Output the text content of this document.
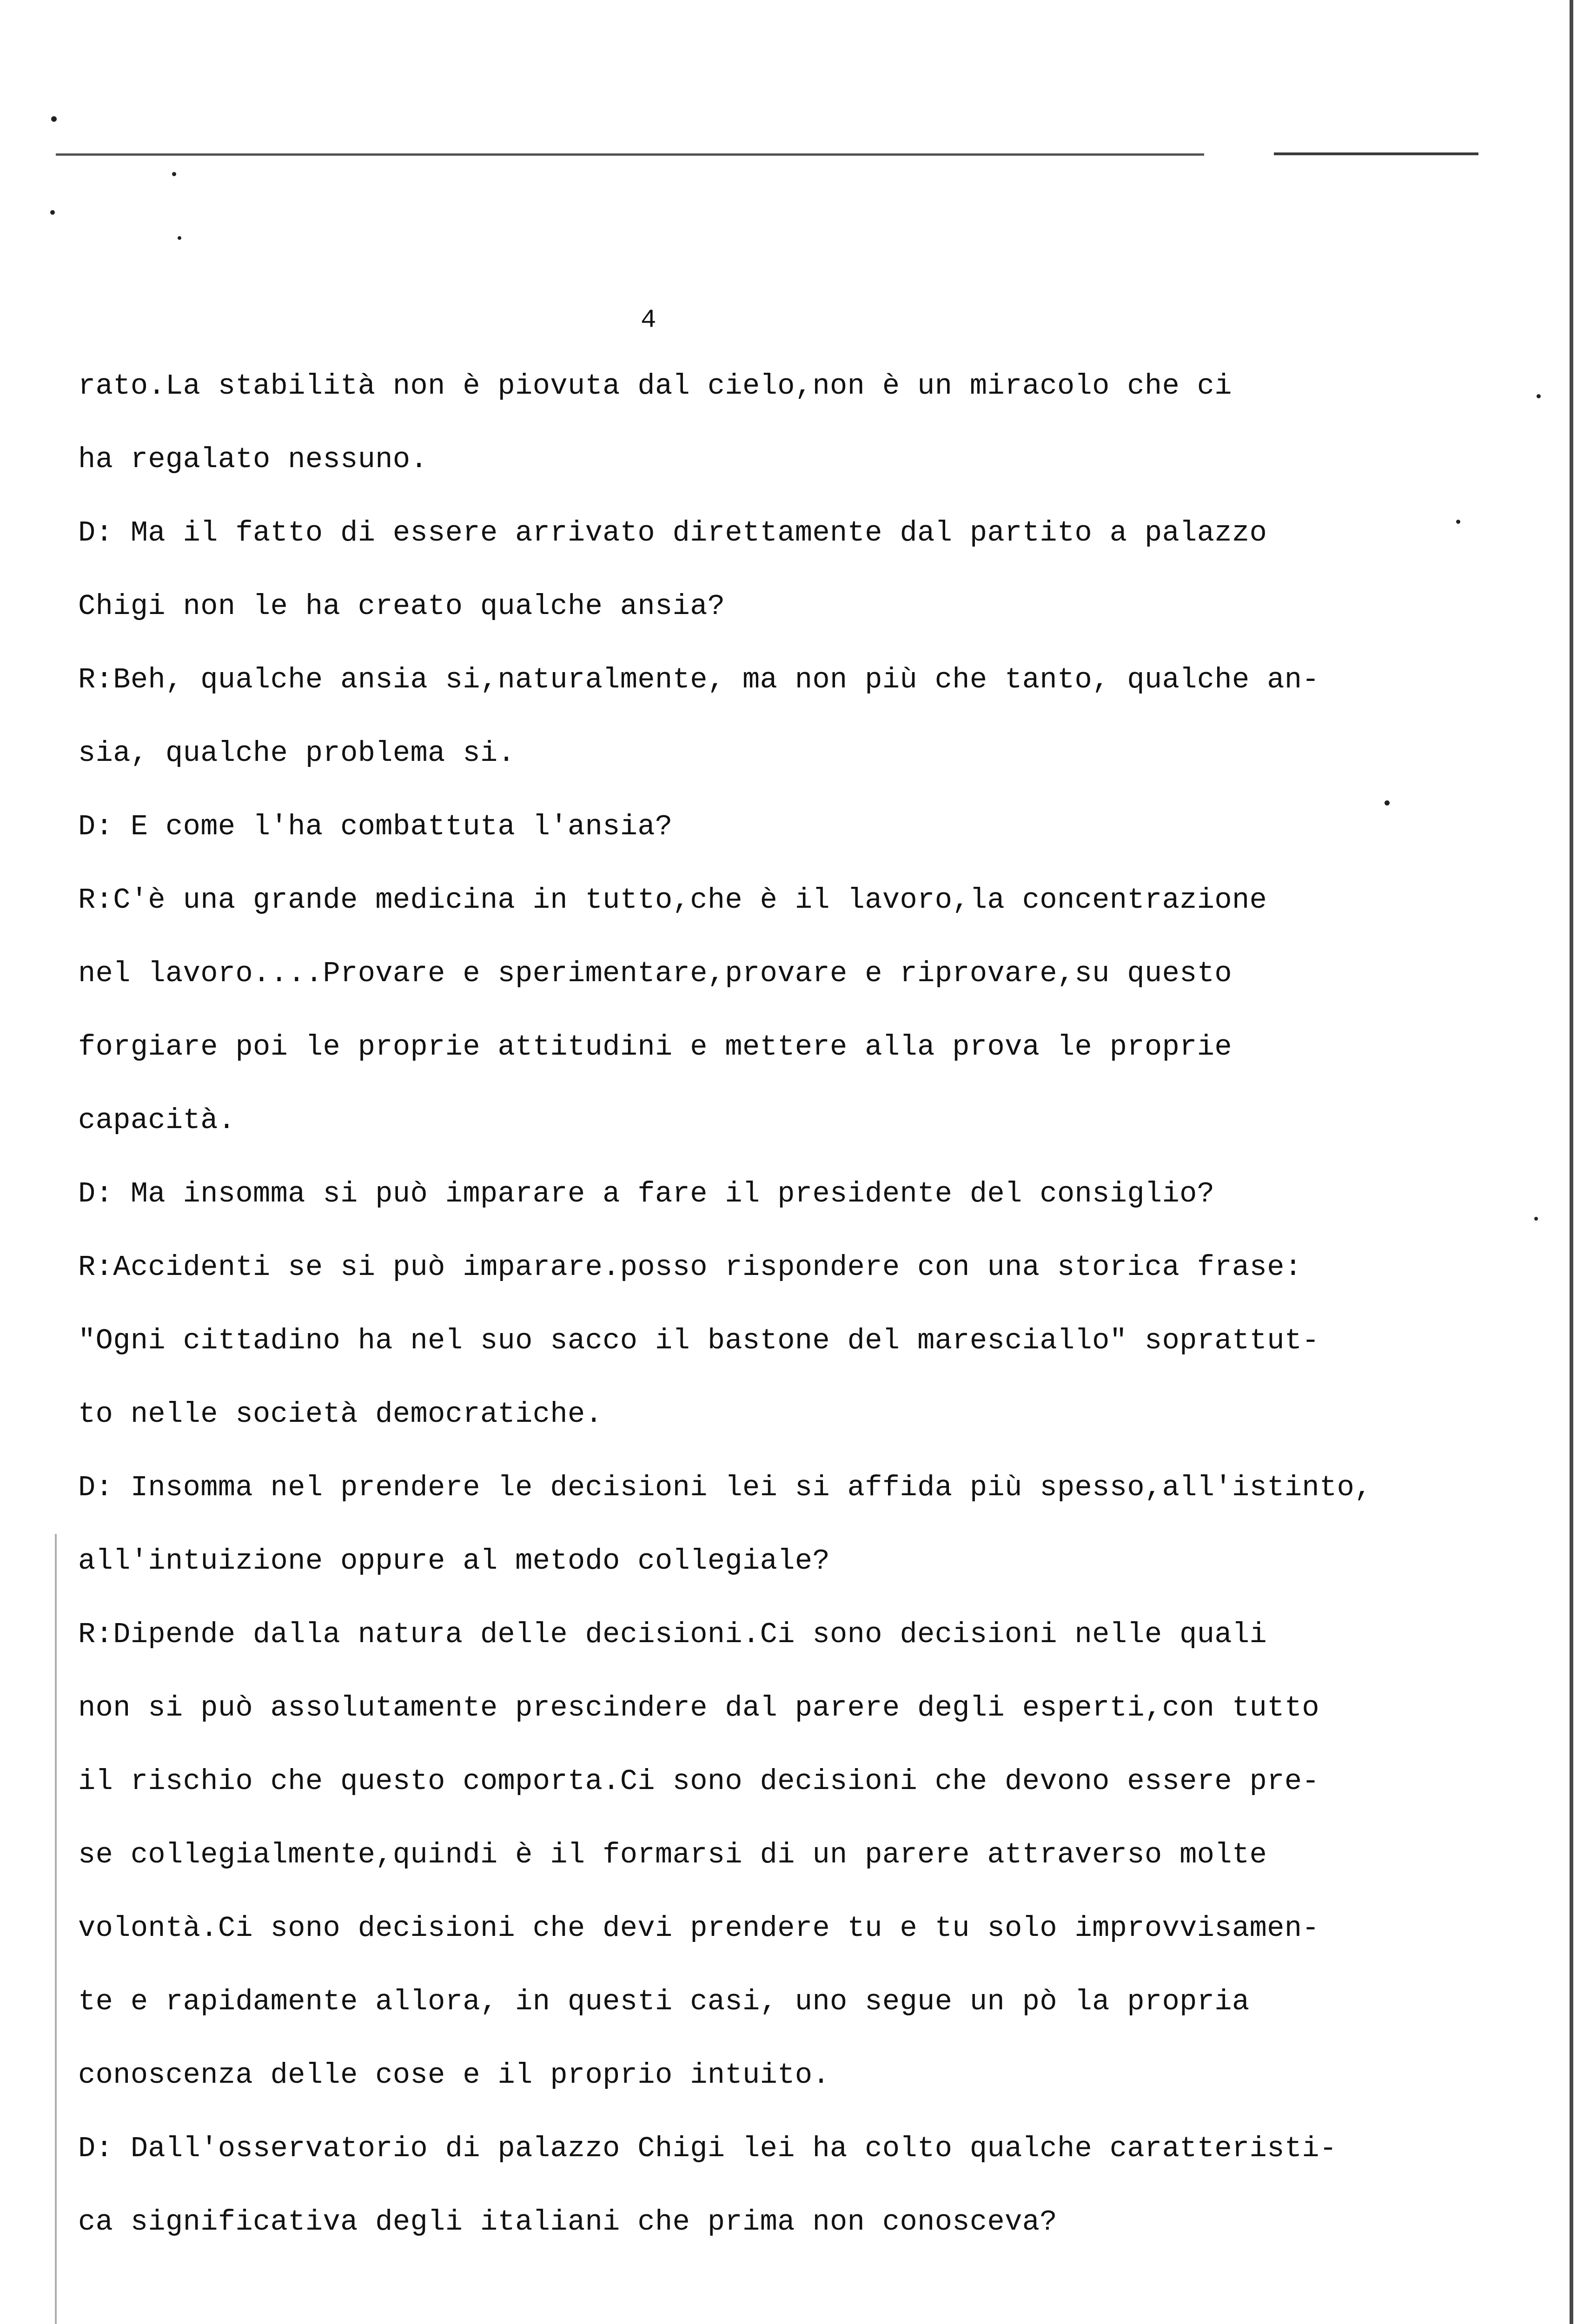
4
rato.La stabilità non è piovuta dal cielo,non è un miracolo che ci
ha regalato nessuno.
D: Ma il fatto di essere arrivato direttamente dal partito a palazzo
Chigi non le ha creato qualche ansia?
R:Beh, qualche ansia si,naturalmente, ma non più che tanto, qualche an-
sia, qualche problema si.
D: E come l'ha combattuta l'ansia?
R:C'è una grande medicina in tutto,che è il lavoro,la concentrazione
nel lavoro....Provare e sperimentare,provare e riprovare,su questo
forgiare poi le proprie attitudini e mettere alla prova le proprie
capacità.
D: Ma insomma si può imparare a fare il presidente del consiglio?
R:Accidenti se si può imparare.posso rispondere con una storica frase:
"Ogni cittadino ha nel suo sacco il bastone del maresciallo" soprattut-
to nelle società democratiche.
D: Insomma nel prendere le decisioni lei si affida più spesso,all'istinto,
all'intuizione oppure al metodo collegiale?
R:Dipende dalla natura delle decisioni.Ci sono decisioni nelle quali
non si può assolutamente prescindere dal parere degli esperti,con tutto
il rischio che questo comporta.Ci sono decisioni che devono essere pre-
se collegialmente,quindi è il formarsi di un parere attraverso molte
volontà.Ci sono decisioni che devi prendere tu e tu solo improvvisamen-
te e rapidamente allora, in questi casi, uno segue un pò la propria
conoscenza delle cose e il proprio intuito.
D: Dall'osservatorio di palazzo Chigi lei ha colto qualche caratteristi-
ca significativa degli italiani che prima non conosceva?
